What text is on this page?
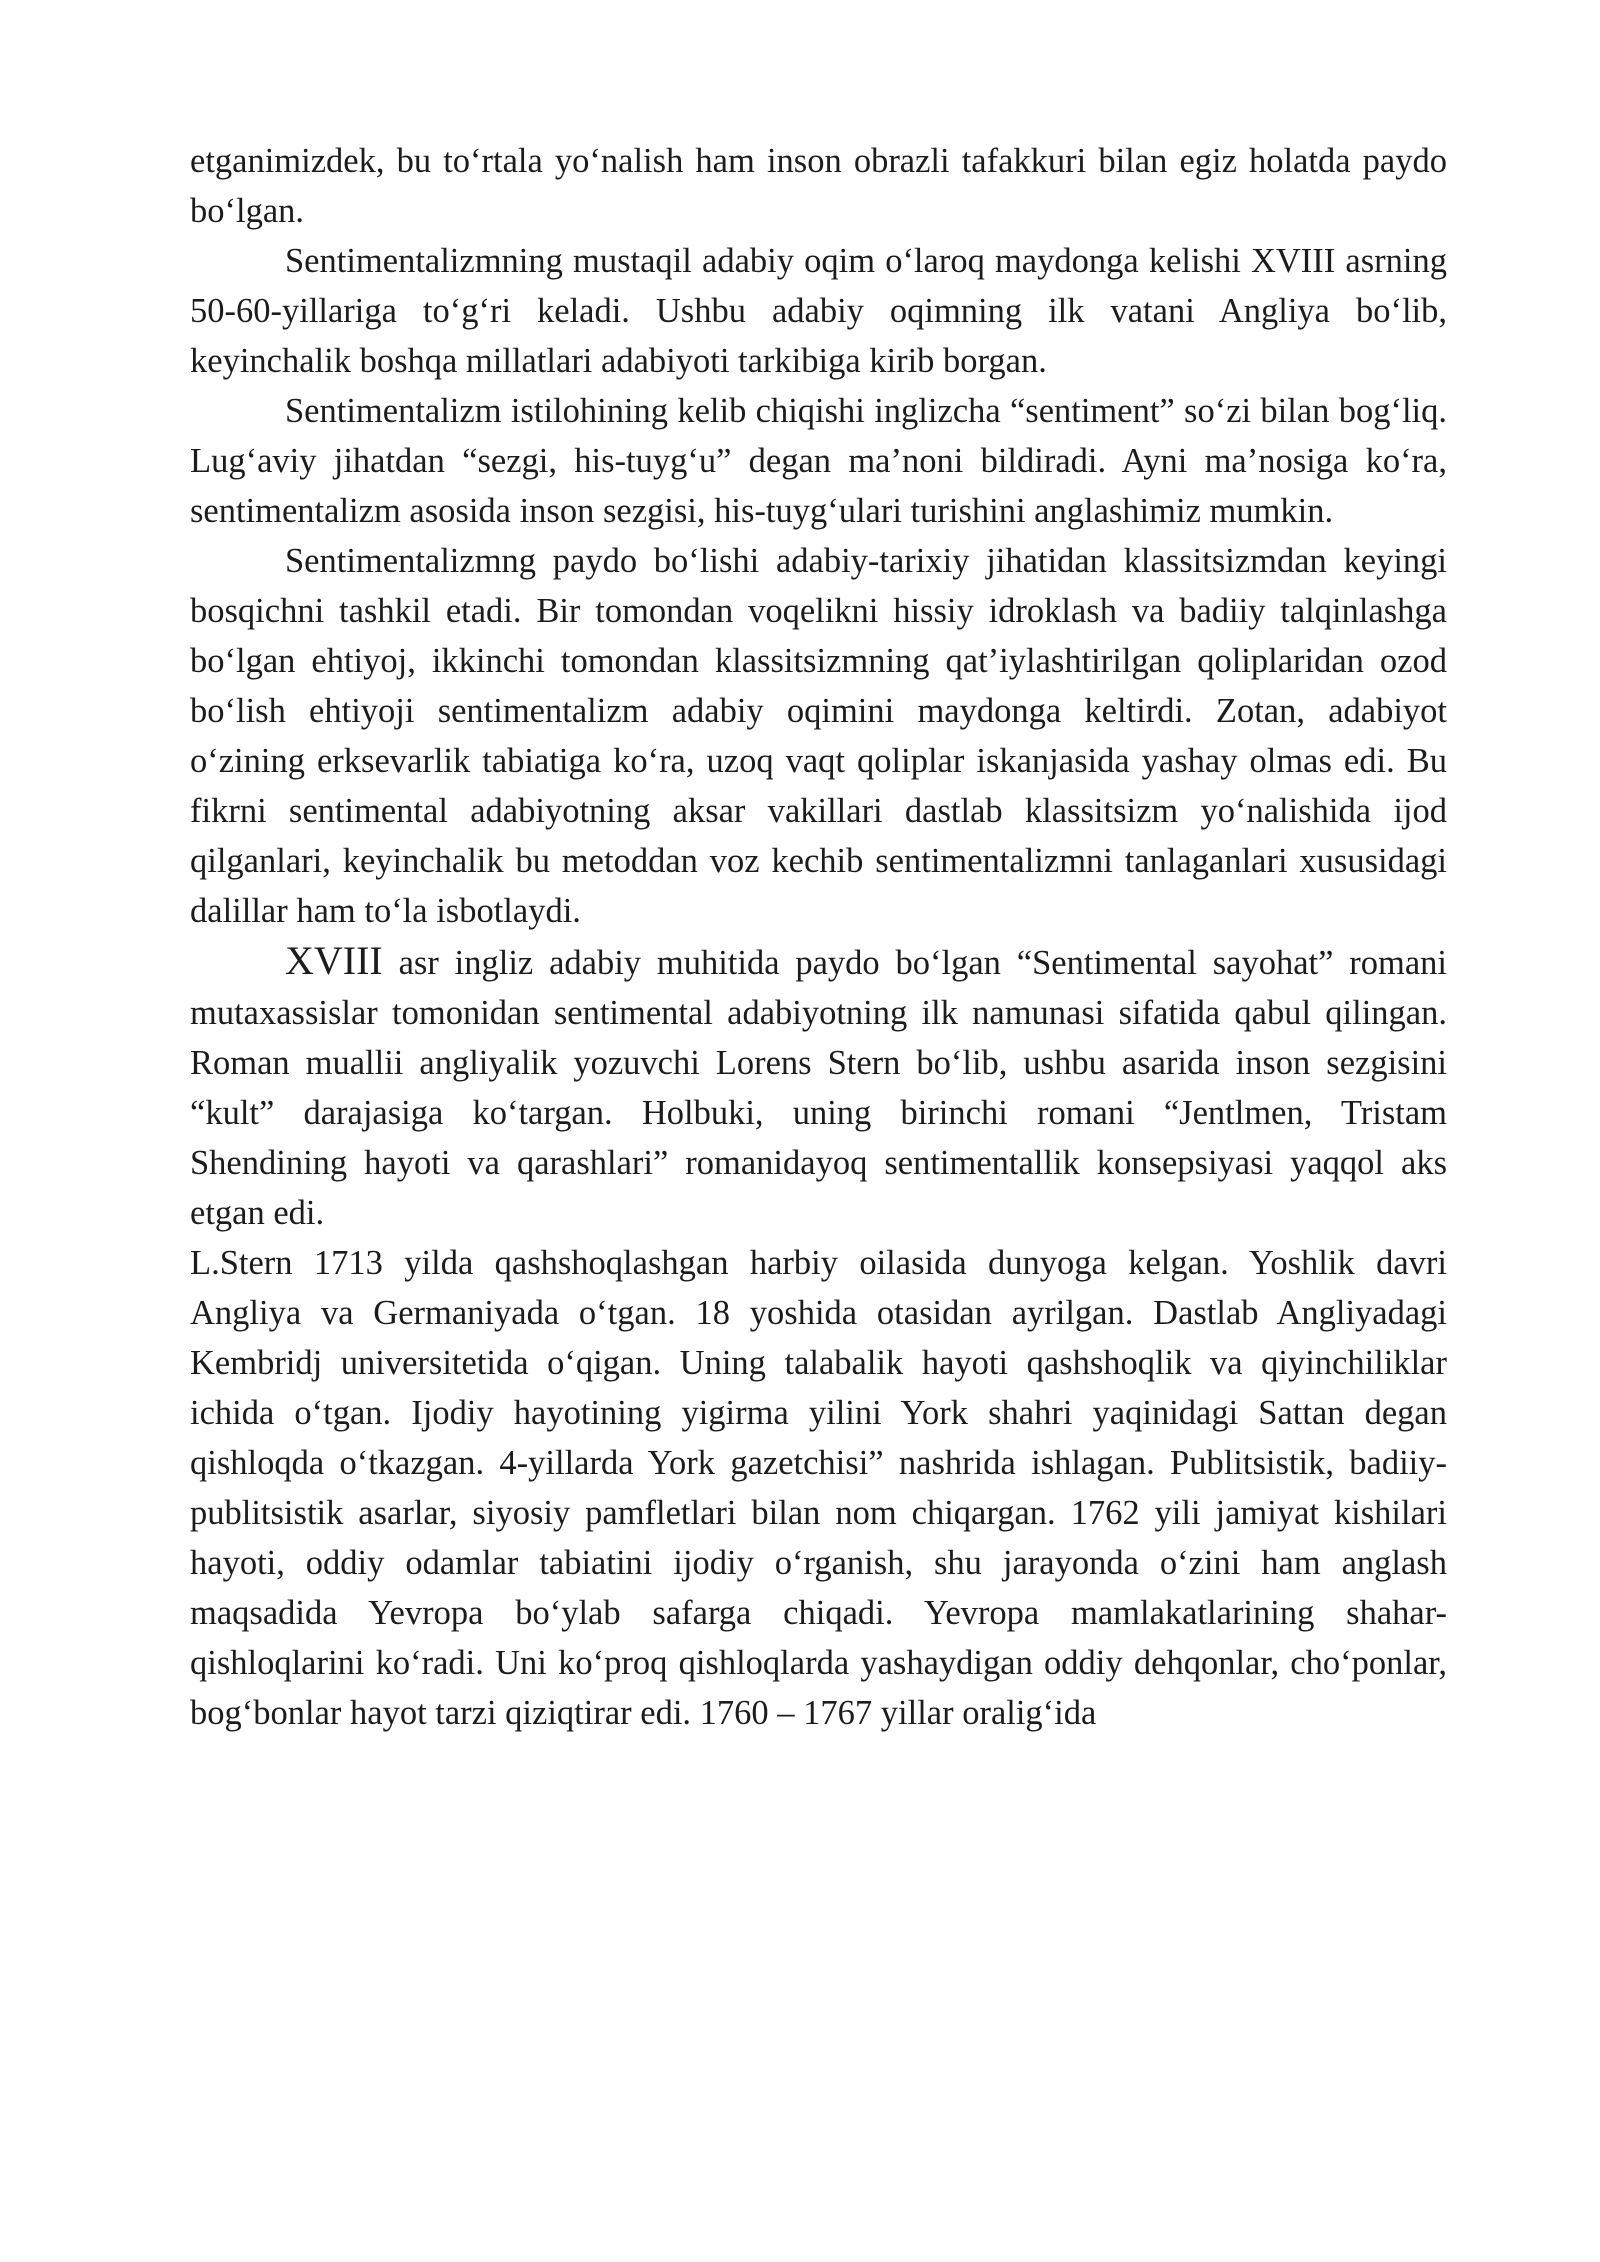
etganimizdek, bu to‘rtala yo‘nalish ham inson obrazli tafakkuri bilan egiz holatda paydo bo‘lgan.

Sentimentalizmning mustaqil adabiy oqim o‘laroq maydonga kelishi XVIII asrning 50-60-yillariga to‘g‘ri keladi. Ushbu adabiy oqimning ilk vatani Angliya bo‘lib, keyinchalik boshqa millatlari adabiyoti tarkibiga kirib borgan.

Sentimentalizm istilohining kelib chiqishi inglizcha “sentiment” so‘zi bilan bog‘liq. Lug‘aviy jihatdan “sezgi, his-tuyg‘u” degan ma’noni bildiradi. Ayni ma’nosiga ko‘ra, sentimentalizm asosida inson sezgisi, his-tuyg‘ulari turishini anglashimiz mumkin.

Sentimentalizmng paydo bo‘lishi adabiy-tarixiy jihatidan klassitsizmdan keyingi bosqichni tashkil etadi. Bir tomondan voqelikni hissiy idroklash va badiiy talqinlashga bo‘lgan ehtiyoj, ikkinchi tomondan klassitsizmning qat’iylashtirilgan qoliplaridan ozod bo‘lish ehtiyoji sentimentalizm adabiy oqimini maydonga keltirdi. Zotan, adabiyot o‘zining erksevarlik tabiatiga ko‘ra, uzoq vaqt qoliplar iskanjasida yashay olmas edi. Bu fikrni sentimental adabiyotning aksar vakillari dastlab klassitsizm yo‘nalishida ijod qilganlari, keyinchalik bu metoddan voz kechib sentimentalizmni tanlaganlari xususidagi dalillar ham to‘la isbotlaydi.

XVIII asr ingliz adabiy muhitida paydo bo‘lgan “Sentimental sayohat” romani mutaxassislar tomonidan sentimental adabiyotning ilk namunasi sifatida qabul qilingan. Roman muallii angliyalik yozuvchi Lorens Stern bo‘lib, ushbu asarida inson sezgisini “kult” darajasiga ko‘targan. Holbuki, uning birinchi romani “Jentlmen, Tristam Shendining hayoti va qarashlari” romanidayoq sentimentallik konsepsiyasi yaqqol aks etgan edi.

L.Stern 1713 yilda qashshoqlashgan harbiy oilasida dunyoga kelgan. Yoshlik davri Angliya va Germaniyada o‘tgan. 18 yoshida otasidan ayrilgan. Dastlab Angliyadagi Kembridj universitetida o‘qigan. Uning talabalik hayoti qashshoqlik va qiyinchiliklar ichida o‘tgan. Ijodiy hayotining yigirma yilini York shahri yaqinidagi Sattan degan qishloqda o‘tkazgan. 4-yillarda York gazetchisi” nashrida ishlagan. Publitsistik, badiiy-publitsistik asarlar, siyosiy pamfletlari bilan nom chiqargan. 1762 yili jamiyat kishilari hayoti, oddiy odamlar tabiatini ijodiy o‘rganish, shu jarayonda o‘zini ham anglash maqsadida Yevropa bo‘ylab safarga chiqadi. Yevropa mamlakatlarining shahar-qishloqlarini ko‘radi. Uni ko‘proq qishloqlarda yashaydigan oddiy dehqonlar, cho‘ponlar, bog‘bonlar hayot tarzi qiziqtirar edi. 1760 – 1767 yillar oralig‘ida
